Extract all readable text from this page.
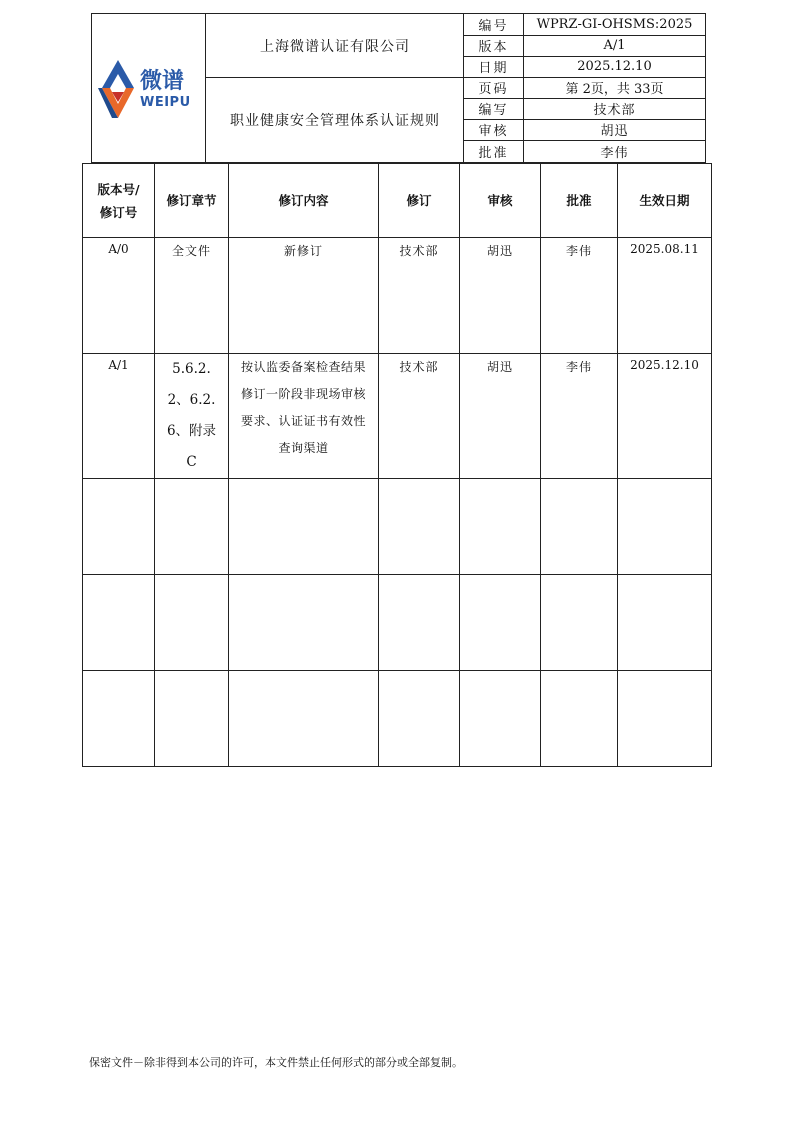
微谱
WEIPU
上海微谱认证有限公司
职业健康安全管理体系认证规则
编号	WPRZ-GI-OHSMS:2025
版本	A/1
日期	2025.12.10
页码	第 2页，共 33页
编写	技术部
审核	胡迅
批准	李伟
版本号/修订号	修订章节	修订内容	修订	审核	批准	生效日期
A/0	全文件	新修订	技术部	胡迅	李伟	2025.08.11
A/1	5.6.2.2、6.2.6、附录 C	按认监委备案检查结果修订一阶段非现场审核要求、认证证书有效性查询渠道	技术部	胡迅	李伟	2025.12.10

保密文件－除非得到本公司的许可，本文件禁止任何形式的部分或全部复制。
